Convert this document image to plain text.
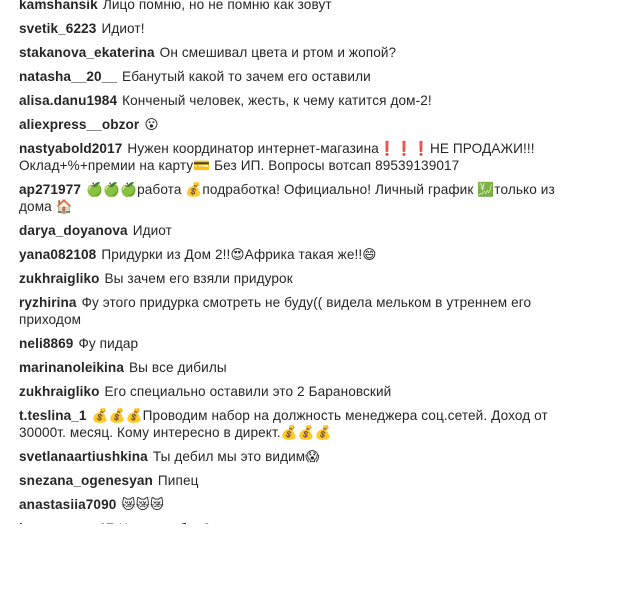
kamshansik Лицо помню, но не помню как зовут
svetik_6223 Идиот!
stakanova_ekaterina Он смешивал цвета и ртом и жопой?
natasha__20__ Ебанутый какой то зачем его оставили
alisa.danu1984 Конченый человек, жесть, к чему катится дом-2!
aliexpress__obzor 😮
nastyabold2017 Нужен координатор интернет-магазина❗❗❗НЕ ПРОДАЖИ!!! Оклад+%+премии на карту💳 Без ИП. Вопросы вотсап 89539139017
ap271977 🍏🍏🍏работа 💰подработка! Официально! Личный график 💹только из дома 🏠
darya_doyanova Идиот
yana082108 Придурки из Дом 2!!😍Африка такая же!!😄
zukhraigliko Вы зачем его взяли придурок
ryzhirina Фу этого придурка смотреть не буду(( видела мельком в утреннем его приходом
neli8869 Фу пидар
marinanoleikina Вы все дибилы
zukhraigliko Его специально оставили это 2 Барановский
t.teslina_1 💰💰💰Проводим набор на должность менеджера соц.сетей. Доход от 30000т. месяц. Кому интересно в директ.💰💰💰
svetlanaartiushkina Ты дебил мы это видим😱
snezana_ogenesyan Пипец
anastasiia7090 😿😿😿
